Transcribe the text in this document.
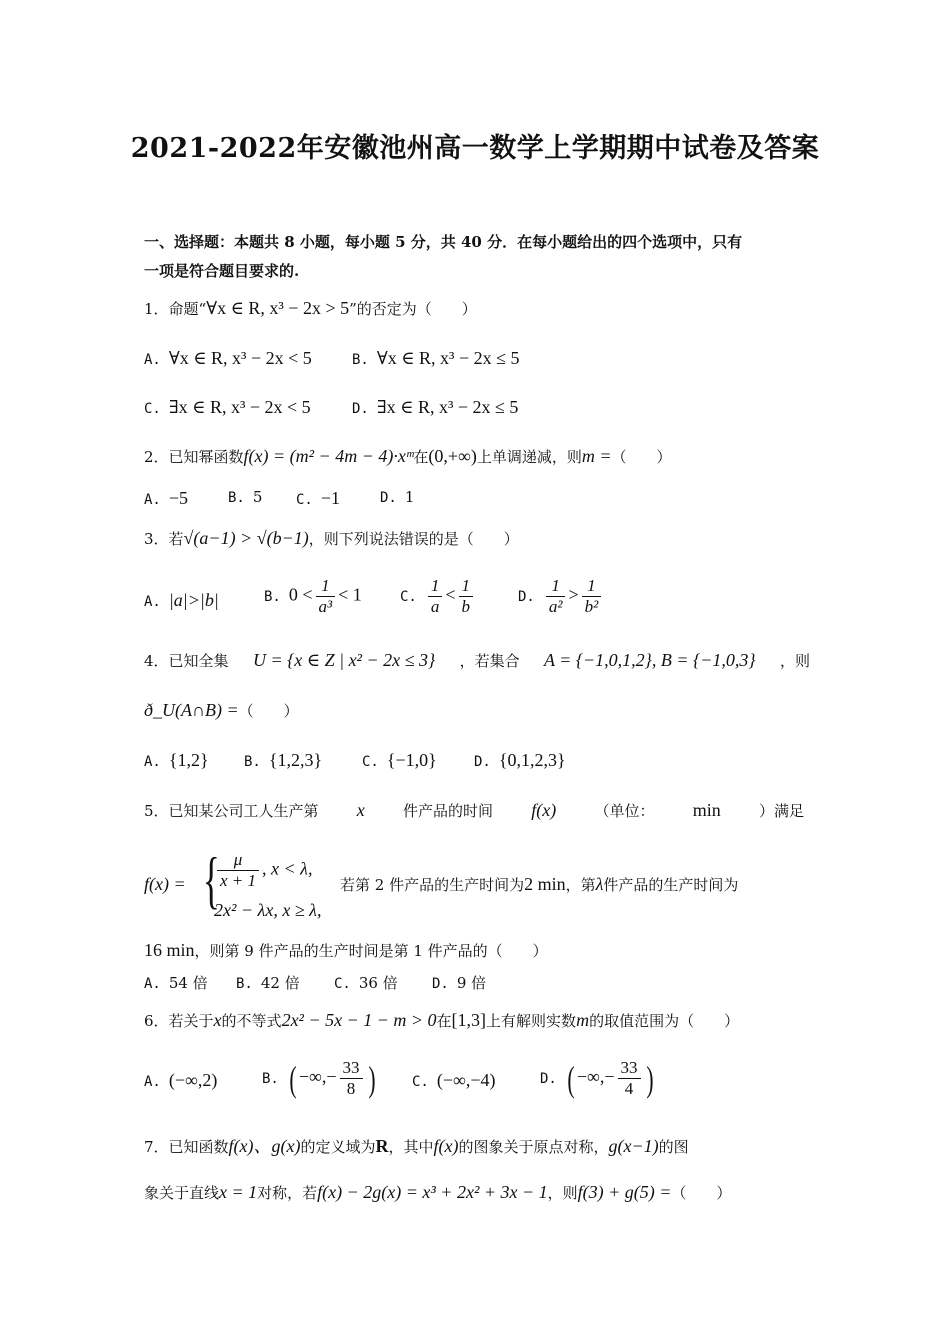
2021-2022年安徽池州高一数学上学期期中试卷及答案
一、选择题：本题共 8 小题，每小题 5 分，共 40 分．在每小题给出的四个选项中，只有
一项是符合题目要求的.
1．命题“∀x ∈ R, x³ − 2x > 5”的否定为（　　）
A. ∀x ∈ R, x³ − 2x < 5	B. ∀x ∈ R, x³ − 2x ≤ 5
C. ∃x ∈ R, x³ − 2x < 5	D. ∃x ∈ R, x³ − 2x ≤ 5
2．已知幂函数f(x) = (m² − 4m − 4)·xᵐ在(0,+∞)上单调递减，则m =（　　）
A. −5	B. 5 C. −1	D. 1
3．若√(a−1) > √(b−1)，则下列说法错误的是（　　）
A. |a|>|b|	B. $0 < \frac{1}{\text{a³}} < 1$	C. $\frac{1}{a} < \frac{1}{b}$	D. $\frac{1}{\text{a²}} > \frac{1}{\text{b²}}$
4．已知全集 U = {x ∈ Z | x² − 2x ≤ 3} ，若集合 A = {−1,0,1,2}, B = {−1,0,3} ，则
ð_U(A∩B) =（　　）
A. {1,2}	B. {1,2,3}	C. {−1,0}	D. {0,1,2,3}
5．已知某公司工人生产第 x	件产品的时间 f(x)	（单位： min	）满足
f(x) = {
$\frac{\mu}{x + 1}$ , x < λ,
2x² − λx, x ≥ λ,
若第 2 件产品的生产时间为2 min，第λ件产品的生产时间为
16 min，则第 9 件产品的生产时间是第 1 件产品的（　　）
A. 54 倍 B. 42 倍 C. 36 倍 D. 9 倍
6．若关于x的不等式2x² − 5x − 1 − m > 0在[1,3]上有解则实数m的取值范围为（　　）
A. (−∞,2)	B. ( −∞,− $\frac{33}{8}$ )	C. (−∞,−4)	D. ( −∞,− $\frac{33}{4}$ )
7．已知函数f(x)、g(x)的定义域为R，其中f(x)的图象关于原点对称，g(x−1)的图
象关于直线x = 1对称，若f(x) − 2g(x) = x³ + 2x² + 3x − 1，则f(3) + g(5) =（　　）
